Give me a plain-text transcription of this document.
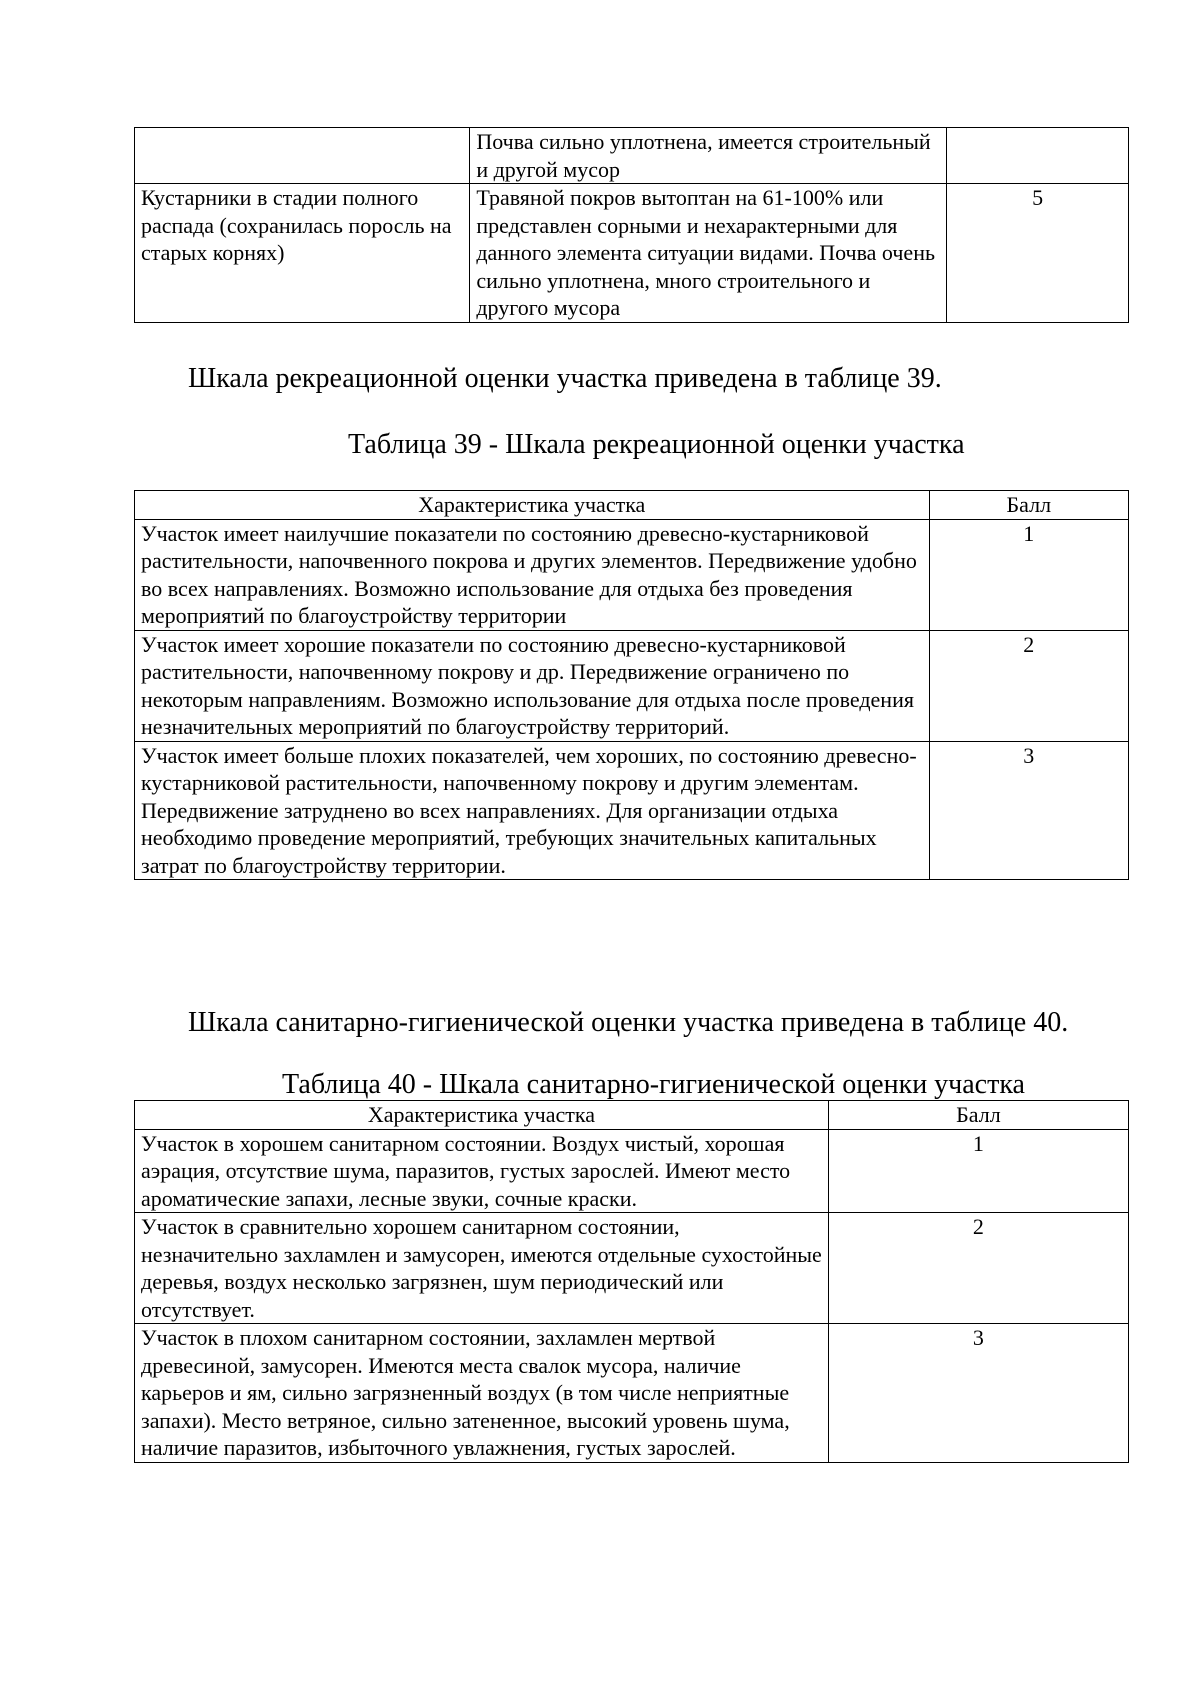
	Почва сильно уплотнена, имеется строительный и другой мусор	
Кустарники в стадии полного распада (сохранилась поросль на старых корнях)	Травяной покров вытоптан на 61-100% или представлен сорными и нехарактерными для данного элемента ситуации видами. Почва очень сильно уплотнена, много строительного и другого мусора	5
Шкала рекреационной оценки участка приведена в таблице 39.
Таблица 39 - Шкала рекреационной оценки участка
Характеристика участка	Балл
Участок имеет наилучшие показатели по состоянию древесно-кустарниковой растительности, напочвенного покрова и других элементов. Передвижение удобно во всех направлениях. Возможно использование для отдыха без проведения мероприятий по благоустройству территории	1
Участок имеет хорошие показатели по состоянию древесно-кустарниковой растительности, напочвенному покрову и др. Передвижение ограничено по некоторым направлениям. Возможно использование для отдыха после проведения незначительных мероприятий по благоустройству территорий.	2
Участок имеет больше плохих показателей, чем хороших, по состоянию древесно-кустарниковой растительности, напочвенному покрову и другим элементам. Передвижение затруднено во всех направлениях. Для организации отдыха необходимо проведение мероприятий, требующих значительных капитальных затрат по благоустройству территории.	3
Шкала санитарно-гигиенической оценки участка приведена в таблице 40.
Таблица 40 - Шкала санитарно-гигиенической оценки участка
Характеристика участка	Балл
Участок в хорошем санитарном состоянии. Воздух чистый, хорошая аэрация, отсутствие шума, паразитов, густых зарослей. Имеют место ароматические запахи, лесные звуки, сочные краски.	1
Участок в сравнительно хорошем санитарном состоянии, незначительно захламлен и замусорен, имеются отдельные сухостойные деревья, воздух несколько загрязнен, шум периодический или отсутствует.	2
Участок в плохом санитарном состоянии, захламлен мертвой древесиной, замусорен. Имеются места свалок мусора, наличие карьеров и ям, сильно загрязненный воздух (в том числе неприятные запахи). Место ветряное, сильно затененное, высокий уровень шума, наличие паразитов, избыточного увлажнения, густых зарослей.	3
